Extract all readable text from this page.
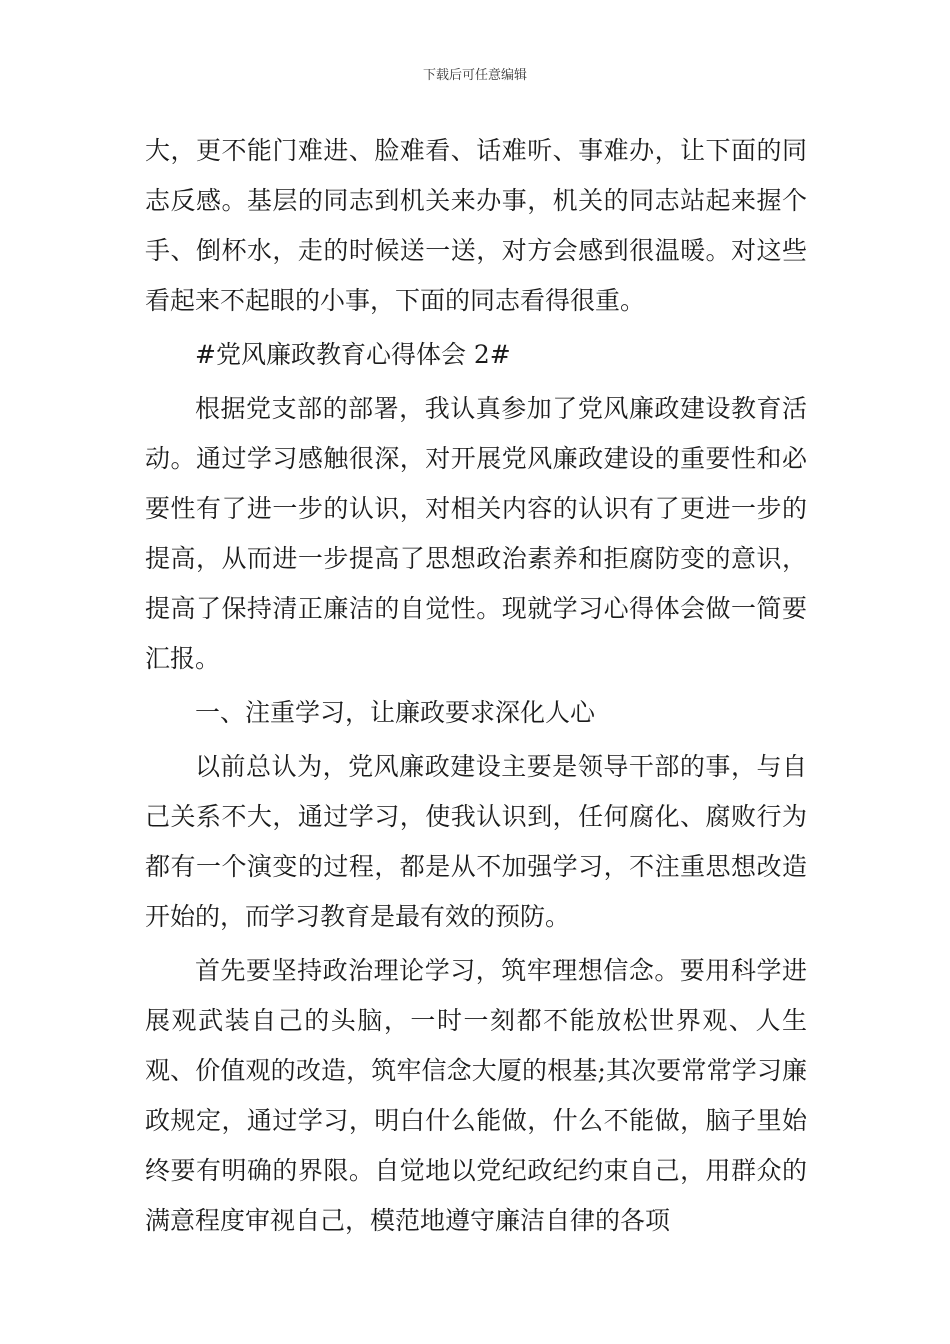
下载后可任意编辑

大，更不能门难进、脸难看、话难听、事难办，让下面的同志反感。基层的同志到机关来办事，机关的同志站起来握个手、倒杯水，走的时候送一送，对方会感到很温暖。对这些看起来不起眼的小事，下面的同志看得很重。

#党风廉政教育心得体会 2#

根据党支部的部署，我认真参加了党风廉政建设教育活动。通过学习感触很深，对开展党风廉政建设的重要性和必要性有了进一步的认识，对相关内容的认识有了更进一步的提高，从而进一步提高了思想政治素养和拒腐防变的意识，提高了保持清正廉洁的自觉性。现就学习心得体会做一简要汇报。

一、注重学习，让廉政要求深化人心

以前总认为，党风廉政建设主要是领导干部的事，与自己关系不大，通过学习，使我认识到，任何腐化、腐败行为都有一个演变的过程，都是从不加强学习，不注重思想改造开始的，而学习教育是最有效的预防。

首先要坚持政治理论学习，筑牢理想信念。要用科学进展观武装自己的头脑，一时一刻都不能放松世界观、人生观、价值观的改造，筑牢信念大厦的根基;其次要常常学习廉政规定，通过学习，明白什么能做，什么不能做，脑子里始终要有明确的界限。自觉地以党纪政纪约束自己，用群众的满意程度审视自己，模范地遵守廉洁自律的各项
